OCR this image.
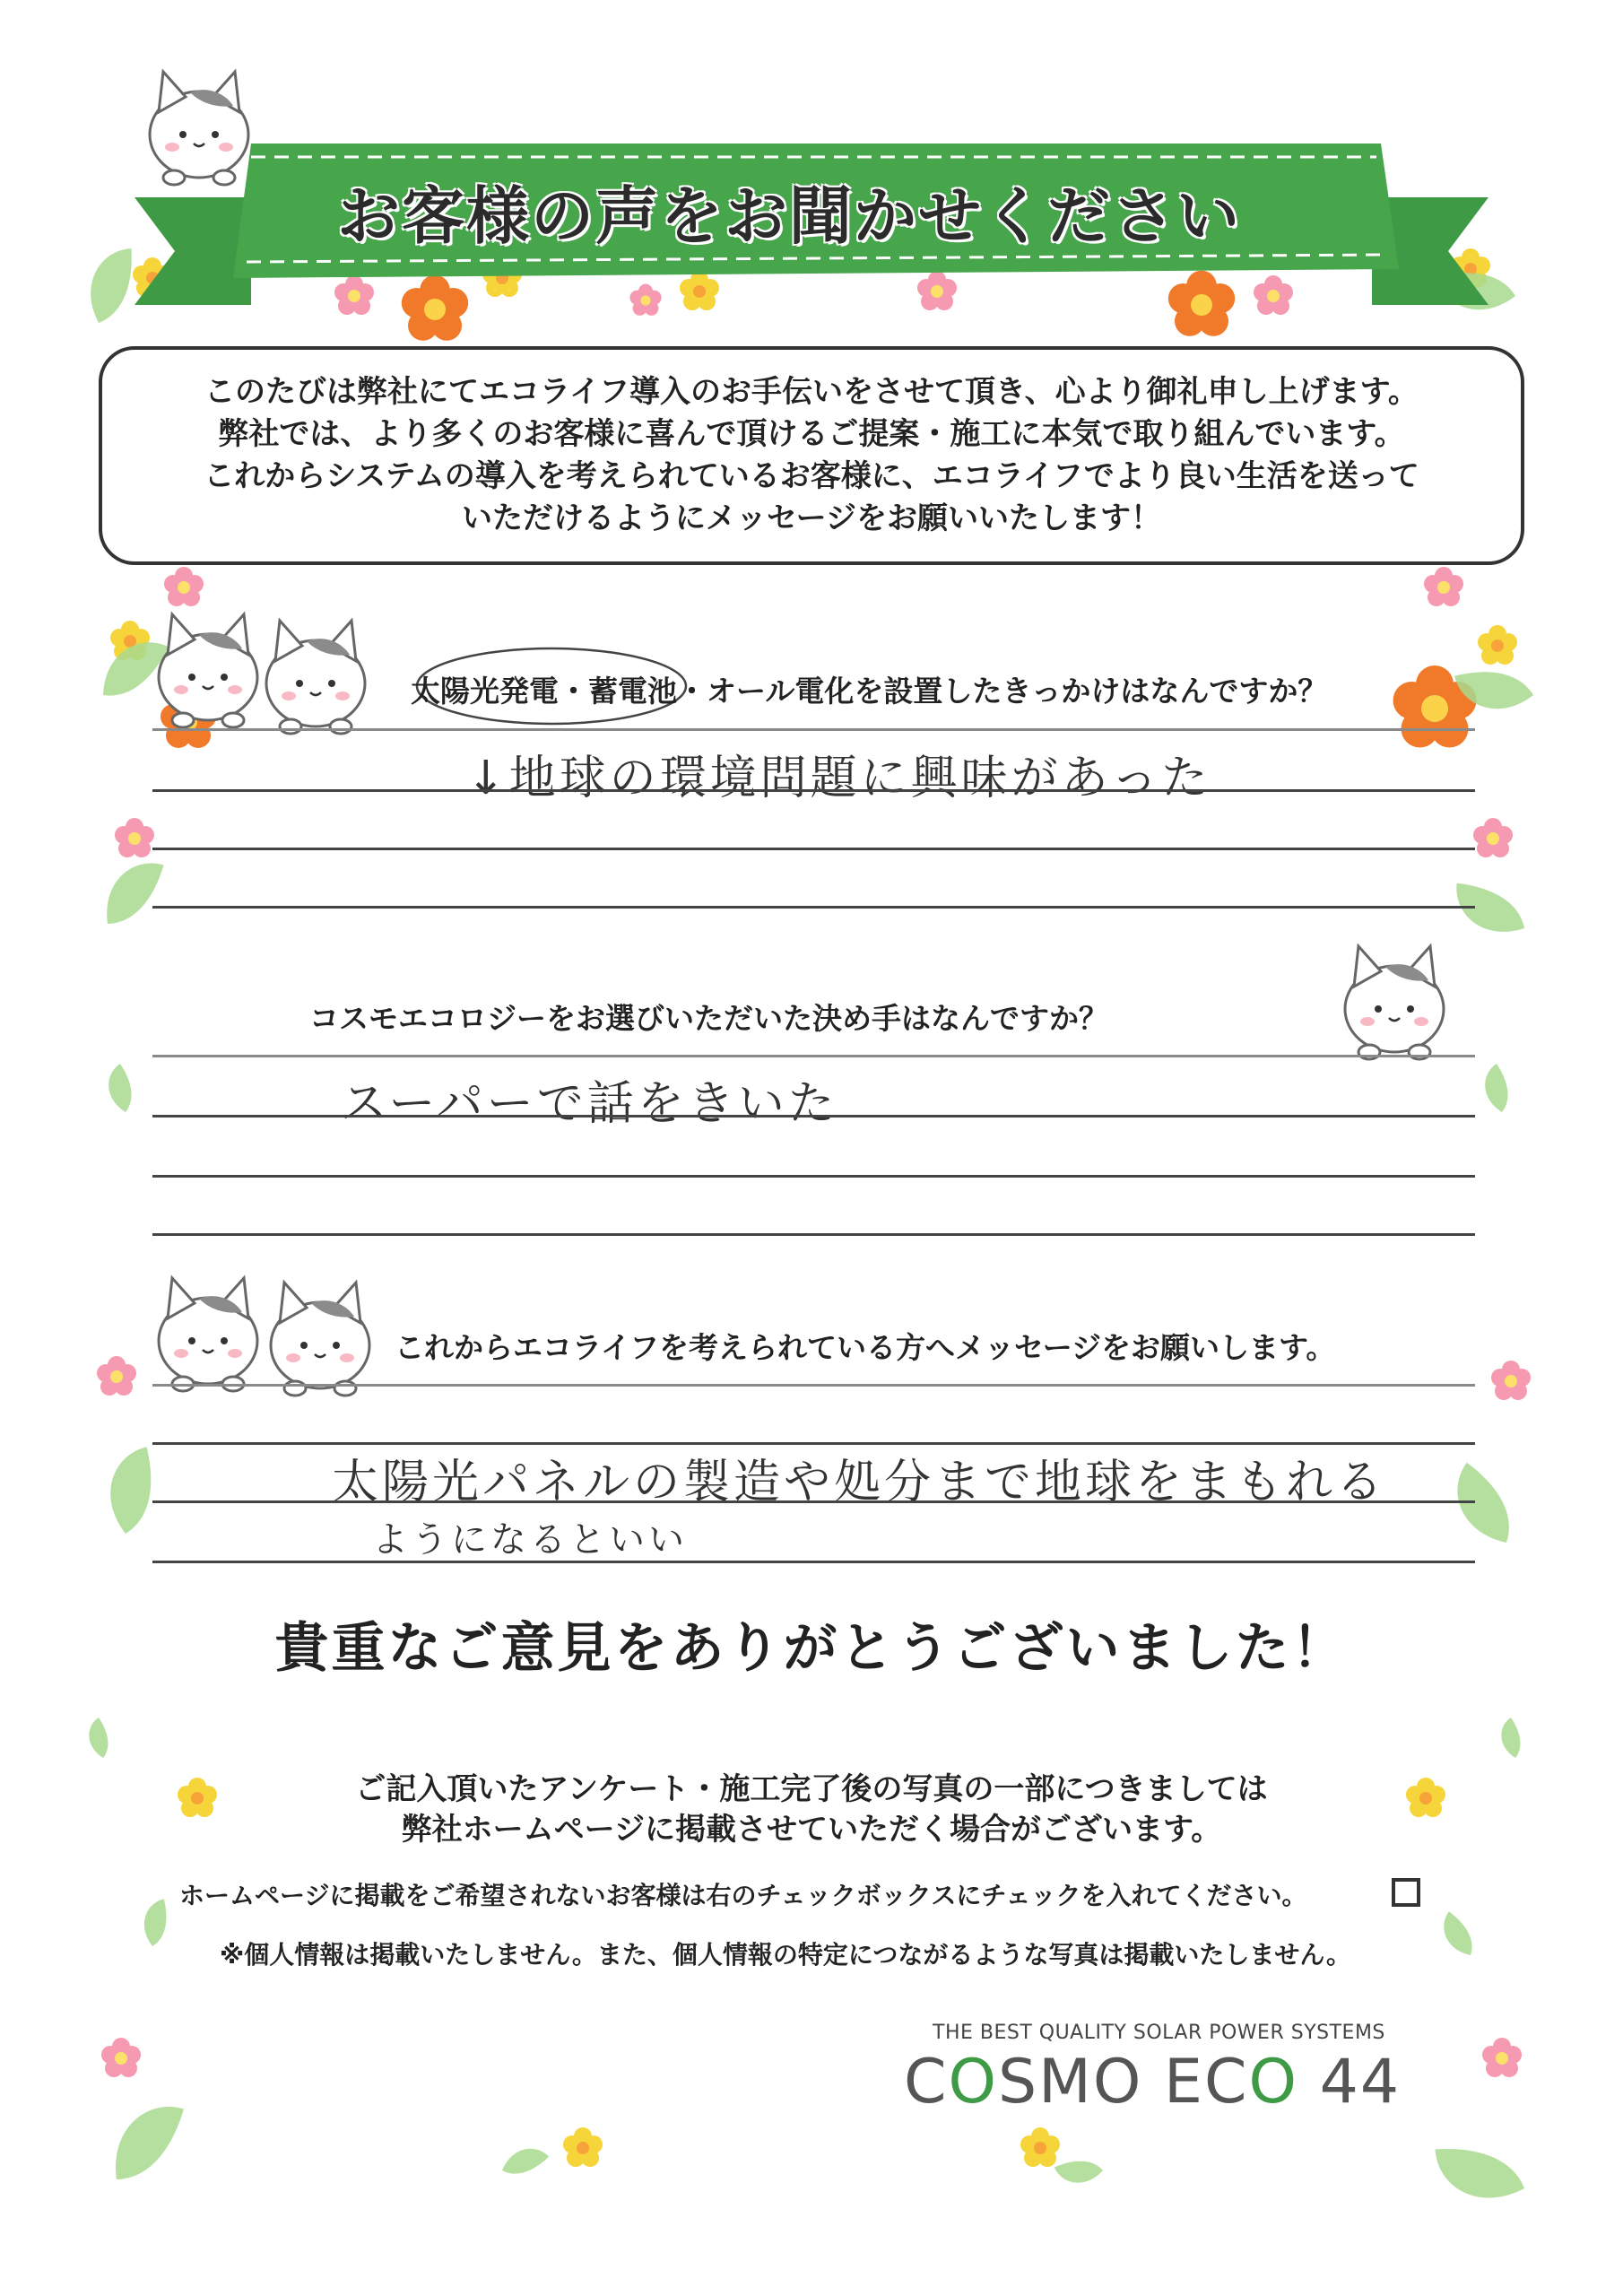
お客様の声をお聞かせください
このたびは弊社にてエコライフ導入のお手伝いをさせて頂き、心より御礼申し上げます。
弊社では、より多くのお客様に喜んで頂けるご提案・施工に本気で取り組んでいます。
これからシステムの導入を考えられているお客様に、エコライフでより良い生活を送って
いただけるようにメッセージをお願いいたします！
太陽光発電・蓄電池・オール電化を設置したきっかけはなんですか？
↓地球の環境問題に興味があった
コスモエコロジーをお選びいただいた決め手はなんですか？
スーパーで話をきいた
これからエコライフを考えられている方へメッセージをお願いします。
太陽光パネルの製造や処分まで地球をまもれる
ようになるといい
貴重なご意見をありがとうございました！
ご記入頂いたアンケート・施工完了後の写真の一部につきましては
弊社ホームページに掲載させていただく場合がございます。
ホームページに掲載をご希望されないお客様は右のチェックボックスにチェックを入れてください。
※個人情報は掲載いたしません。また、個人情報の特定につながるような写真は掲載いたしません。
THE BEST QUALITY SOLAR POWER SYSTEMS
COSMO ECO 44
